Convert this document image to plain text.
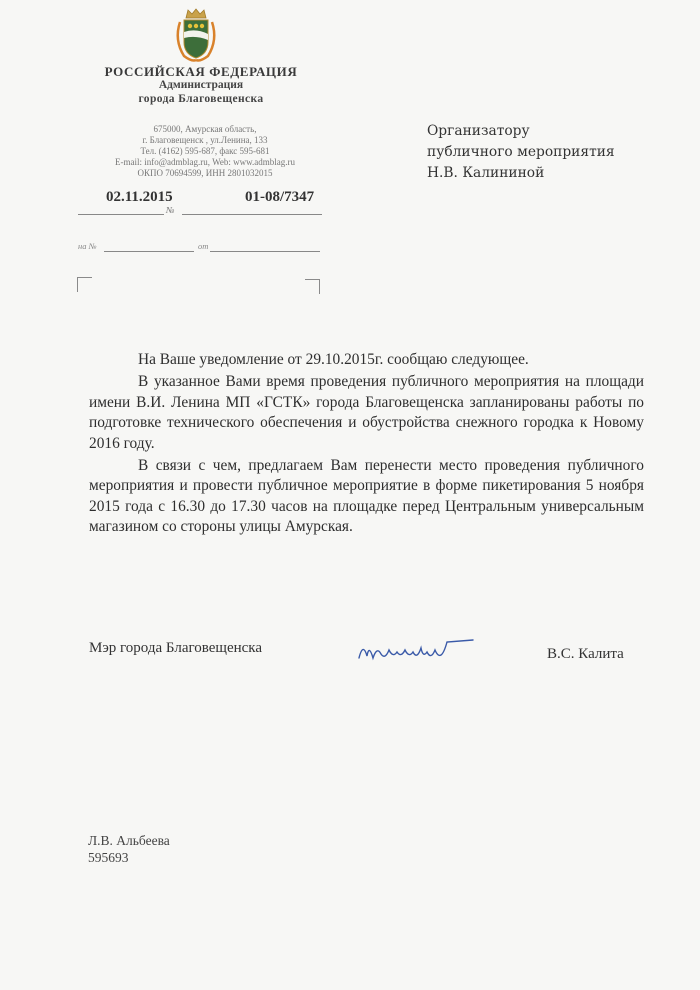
РОССИЙСКАЯ ФЕДЕРАЦИЯ
Администрация
города Благовещенска
675000, Амурская область,
г. Благовещенск , ул.Ленина, 133
Тел. (4162) 595-687, факс 595-681
E-mail: info@admblag.ru, Web: www.admblag.ru
ОКПО 70694599, ИНН 2801032015
02.11.2015	01-08/7347
№
на №	от
Организатору
публичного мероприятия
Н.В. Калининой

На Ваше уведомление от 29.10.2015г. сообщаю следующее.

В указанное Вами время проведения публичного мероприятия на площади имени В.И. Ленина МП «ГСТК» города Благовещенска запланированы работы по подготовке технического обеспечения и обустройства снежного городка к Новому 2016 году.

В связи с чем, предлагаем Вам перенести место проведения публичного мероприятия и провести публичное мероприятие в форме пикетирования 5 ноября 2015 года с 16.30 до 17.30 часов на площадке перед Центральным универсальным магазином со стороны улицы Амурская.

Мэр города Благовещенска	В.С. Калита
Л.В. Альбеева
595693
